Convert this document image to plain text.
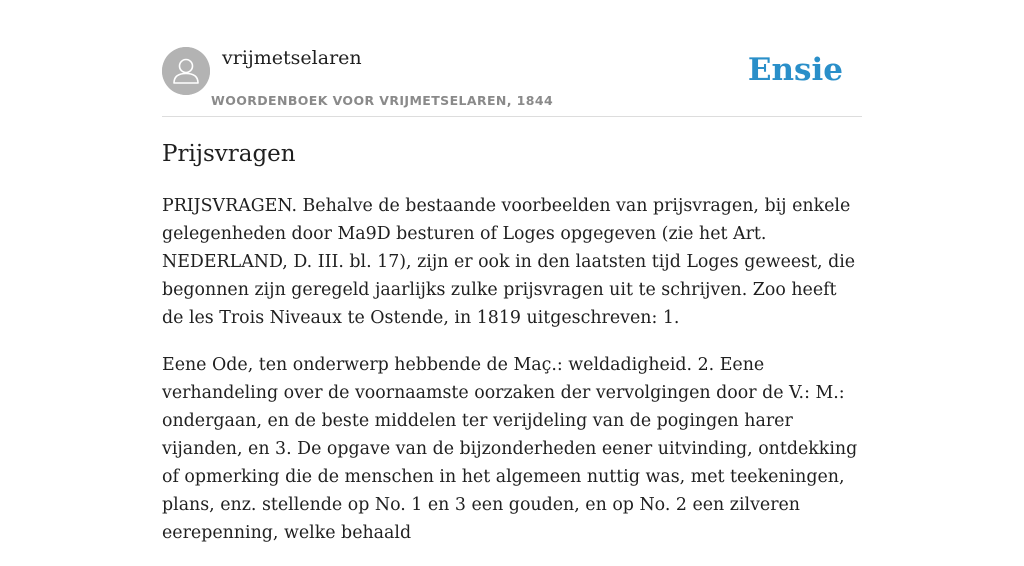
vrijmetselaren
WOORDENBOEK VOOR VRIJMETSELAREN, 1844
Ensie
Prijsvragen

PRIJSVRAGEN. Behalve de bestaande voorbeelden van prijsvragen, bij enkele gelegenheden door Ma9D besturen of Loges opgegeven (zie het Art. NEDERLAND, D. III. bl. 17), zijn er ook in den laatsten tijd Loges geweest, die begonnen zijn geregeld jaarlijks zulke prijsvragen uit te schrijven. Zoo heeft de les Trois Niveaux te Ostende, in 1819 uitgeschreven: 1.

Eene Ode, ten onderwerp hebbende de Maç.: weldadigheid. 2. Eene verhandeling over de voornaamste oorzaken der vervolgingen door de V.: M.: ondergaan, en de beste middelen ter verijdeling van de pogingen harer vijanden, en 3. De opgave van de bijzonderheden eener uitvinding, ontdekking of opmerking die de menschen in het algemeen nuttig was, met teekeningen, plans, enz. stellende op No. 1 en 3 een gouden, en op No. 2 een zilveren eerepenning, welke behaald
